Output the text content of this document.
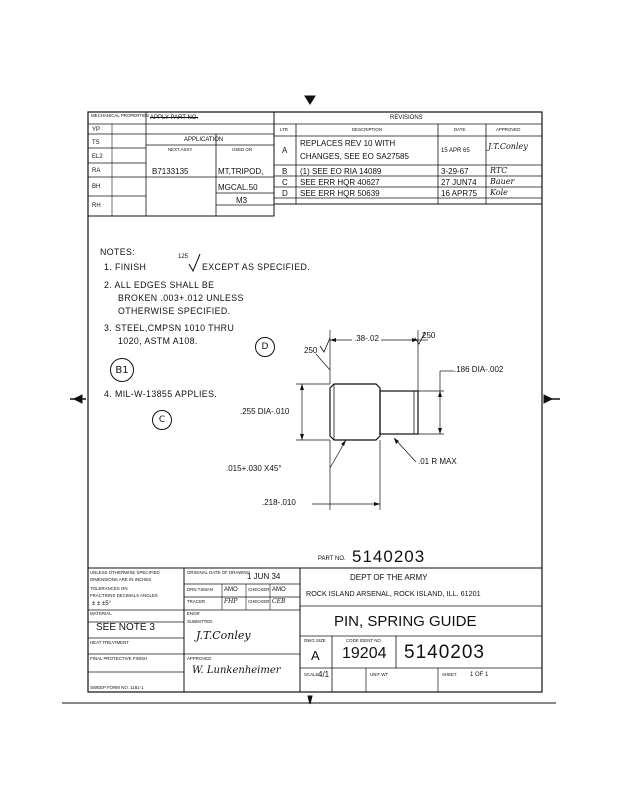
MECHANICAL PROPERTIES APPLY PART NO.
YP
TS
EL2
RA
BH
RH
APPLICATION
NEXT ASSY	USED ON
B7133135	MT,TRIPOD,
MGCAL.50
M3
REVISIONS
LTR	DESCRIPTION	DATE	APPROVED
A
REPLACES REV 10 WITH
CHANGES, SEE EO SA27585
15 APR 65 J.T.Conley
B (1) SEE EO RIA 14089	3-29-67	RTC
C SEE ERR HQR 40627	27 JUN74 Bauer
D SEE ERR HQR 50639	16 APR75 Kole
NOTES:
1. FINISH
125
EXCEPT AS SPECIFIED.
2. ALL EDGES SHALL BE
BROKEN .003+.012 UNLESS
OTHERWISE SPECIFIED.
3. STEEL,CMPSN 1010 THRU
1020, ASTM A108.
D
B1
4. MIL-W-13855 APPLIES.
C
250
250
.38-.02
.186 DIA-.002
.255 DIA-.010
.01 R MAX
.015+.030 X45°
.218-.010
PART NO. 5140203
UNLESS OTHERWISE SPECIFIED
DIMENSIONS ARE IN INCHES
TOLERANCES ON
FRACTIONS DECIMALS ANGLES
± ± ±5°
MATERIAL
SEE NOTE 3
HEAT TREATMENT
FINAL PROTECTIVE FINISH
SWEEP FORM NO. 1181-1
ORIGINAL DATE OF DRAWING
1 JUN 34
DRN TSMAN AMO CHECKER AMO
TRACER	FHP CHECKER CEB
ENGR
SUBMITTED
J.T.Conley
APPROVED
W. Lunkenheimer
DEPT OF THE ARMY
ROCK ISLAND ARSENAL, ROCK ISLAND, ILL. 61201
PIN, SPRING GUIDE
DWG SIZE
A
CODE IDENT NO
19204 5140203
SCALE 4/1	UNIT WT	SHEET 1 OF 1
